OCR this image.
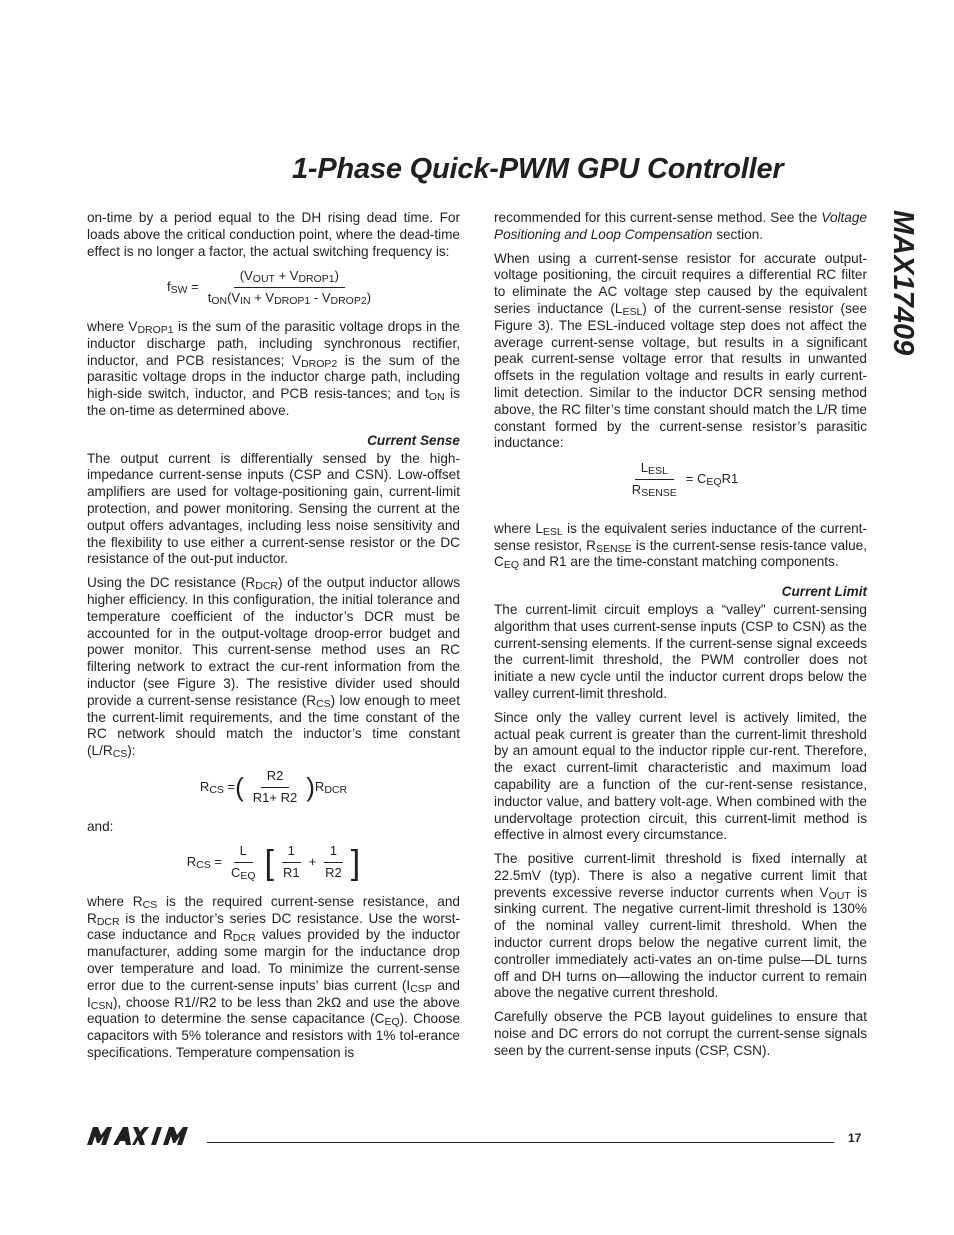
1-Phase Quick-PWM GPU Controller
MAX17409

on-time by a period equal to the DH rising dead time. For loads above the critical conduction point, where the dead-time effect is no longer a factor, the actual switching frequency is:

$f_{SW} = \frac{(V_{OUT} + V_{DROP1})}{t_{ON}(V_{IN} + V_{DROP1} - V_{DROP2})}$

where $V_{DROP1}$ is the sum of the parasitic voltage drops in the inductor discharge path, including synchronous rectifier, inductor, and PCB resistances; $V_{DROP2}$ is the sum of the parasitic voltage drops in the inductor charge path, including high-side switch, inductor, and PCB resis-tances; and $t_{ON}$ is the on-time as determined above.

Current Sense

The output current is differentially sensed by the high-impedance current-sense inputs (CSP and CSN). Low-offset amplifiers are used for voltage-positioning gain, current-limit protection, and power monitoring. Sensing the current at the output offers advantages, including less noise sensitivity and the flexibility to use either a current-sense resistor or the DC resistance of the out-put inductor.

Using the DC resistance $(R_{DCR})$ of the output inductor allows higher efficiency. In this configuration, the initial tolerance and temperature coefficient of the inductor’s DCR must be accounted for in the output-voltage droop-error budget and power monitor. This current-sense method uses an RC filtering network to extract the cur-rent information from the inductor (see Figure 3). The resistive divider used should provide a current-sense resistance $(R_{CS})$ low enough to meet the current-limit requirements, and the time constant of the RC network should match the inductor’s time constant $(L/R_{CS})$:

$R_{CS}$ = ( $\frac{R2}{R1+ R2}$ ) $R_{DCR}$

and:

$R_{CS} = \frac{L}{C_{EQ}}$ [ $\frac{1}{R1} + \frac{1}{R2}$ ]

where $R_{CS}$ is the required current-sense resistance, and $R_{DCR}$ is the inductor’s series DC resistance. Use the worst-case inductance and $R_{DCR}$ values provided by the inductor manufacturer, adding some margin for the inductance drop over temperature and load. To minimize the current-sense error due to the current-sense inputs’ bias current ($I_{CSP}$ and $I_{CSN}$), choose R1//R2 to be less than 2kΩ and use the above equation to determine the sense capacitance $(C_{EQ})$. Choose capacitors with 5% tolerance and resistors with 1% tol-erance specifications. Temperature compensation is

recommended for this current-sense method. See the Voltage Positioning and Loop Compensation section.

When using a current-sense resistor for accurate output-voltage positioning, the circuit requires a differential RC filter to eliminate the AC voltage step caused by the equivalent series inductance $(L_{ESL})$ of the current-sense resistor (see Figure 3). The ESL-induced voltage step does not affect the average current-sense voltage, but results in a significant peak current-sense voltage error that results in unwanted offsets in the regulation voltage and results in early current-limit detection. Similar to the inductor DCR sensing method above, the RC filter’s time constant should match the L/R time constant formed by the current-sense resistor’s parasitic inductance:

$\frac{L_{ESL}}{R_{SENSE}} = C_{EQ}R1$

where $L_{ESL}$ is the equivalent series inductance of the current-sense resistor, $R_{SENSE}$ is the current-sense resis-tance value, $C_{EQ}$ and R1 are the time-constant matching components.

Current Limit

The current-limit circuit employs a “valley” current-sensing algorithm that uses current-sense inputs (CSP to CSN) as the current-sensing elements. If the current-sense signal exceeds the current-limit threshold, the PWM controller does not initiate a new cycle until the inductor current drops below the valley current-limit threshold.

Since only the valley current level is actively limited, the actual peak current is greater than the current-limit threshold by an amount equal to the inductor ripple cur-rent. Therefore, the exact current-limit characteristic and maximum load capability are a function of the cur-rent-sense resistance, inductor value, and battery volt-age. When combined with the undervoltage protection circuit, this current-limit method is effective in almost every circumstance.

The positive current-limit threshold is fixed internally at 22.5mV (typ). There is also a negative current limit that prevents excessive reverse inductor currents when $V_{OUT}$ is sinking current. The negative current-limit threshold is 130% of the nominal valley current-limit threshold. When the inductor current drops below the negative current limit, the controller immediately acti-vates an on-time pulse—DL turns off and DH turns on—allowing the inductor current to remain above the negative current threshold.

Carefully observe the PCB layout guidelines to ensure that noise and DC errors do not corrupt the current-sense signals seen by the current-sense inputs (CSP, CSN).

17
